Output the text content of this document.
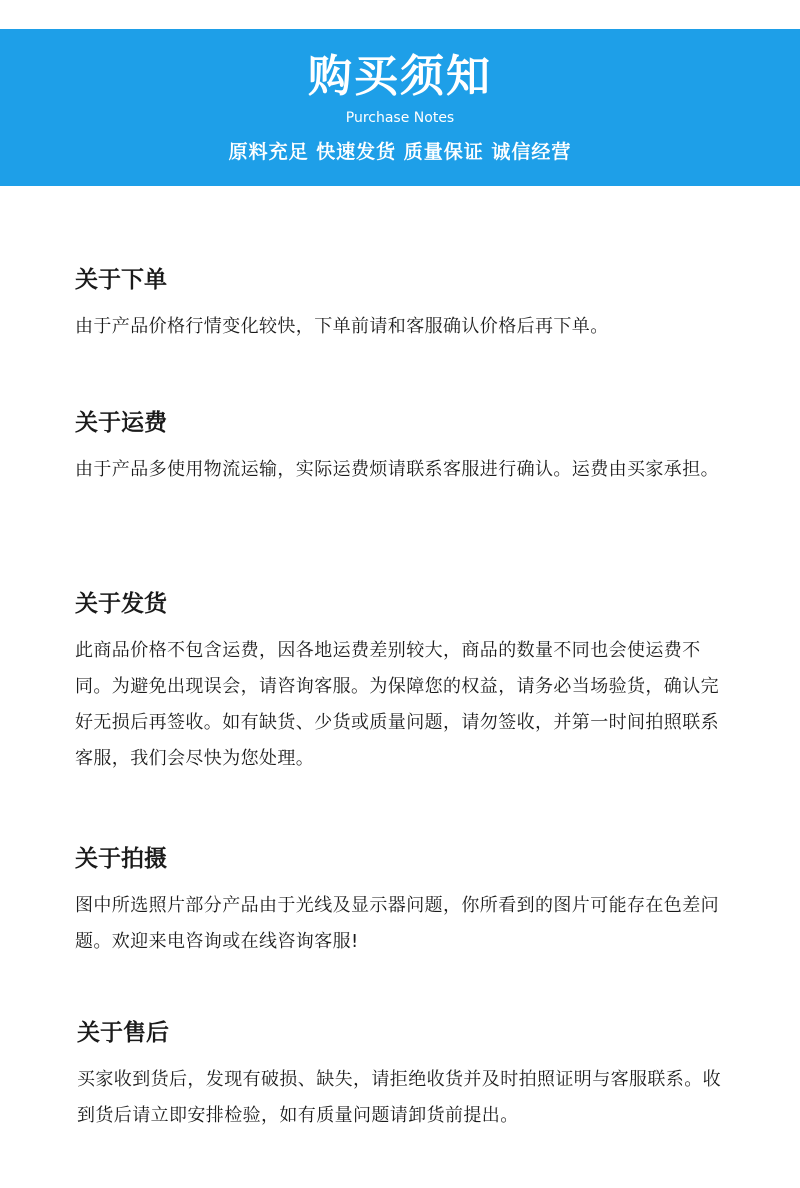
购买须知
Purchase Notes
原料充足 快速发货 质量保证 诚信经营
关于下单

由于产品价格行情变化较快，下单前请和客服确认价格后再下单。

关于运费

由于产品多使用物流运输，实际运费烦请联系客服进行确认。运费由买家承担。

关于发货

此商品价格不包含运费，因各地运费差别较大，商品的数量不同也会使运费不同。为避免出现误会，请咨询客服。为保障您的权益，请务必当场验货，确认完好无损后再签收。如有缺货、少货或质量问题，请勿签收，并第一时间拍照联系客服，我们会尽快为您处理。

关于拍摄

图中所选照片部分产品由于光线及显示器问题，你所看到的图片可能存在色差问题。欢迎来电咨询或在线咨询客服!

关于售后

买家收到货后，发现有破损、缺失，请拒绝收货并及时拍照证明与客服联系。收到货后请立即安排检验，如有质量问题请卸货前提出。
